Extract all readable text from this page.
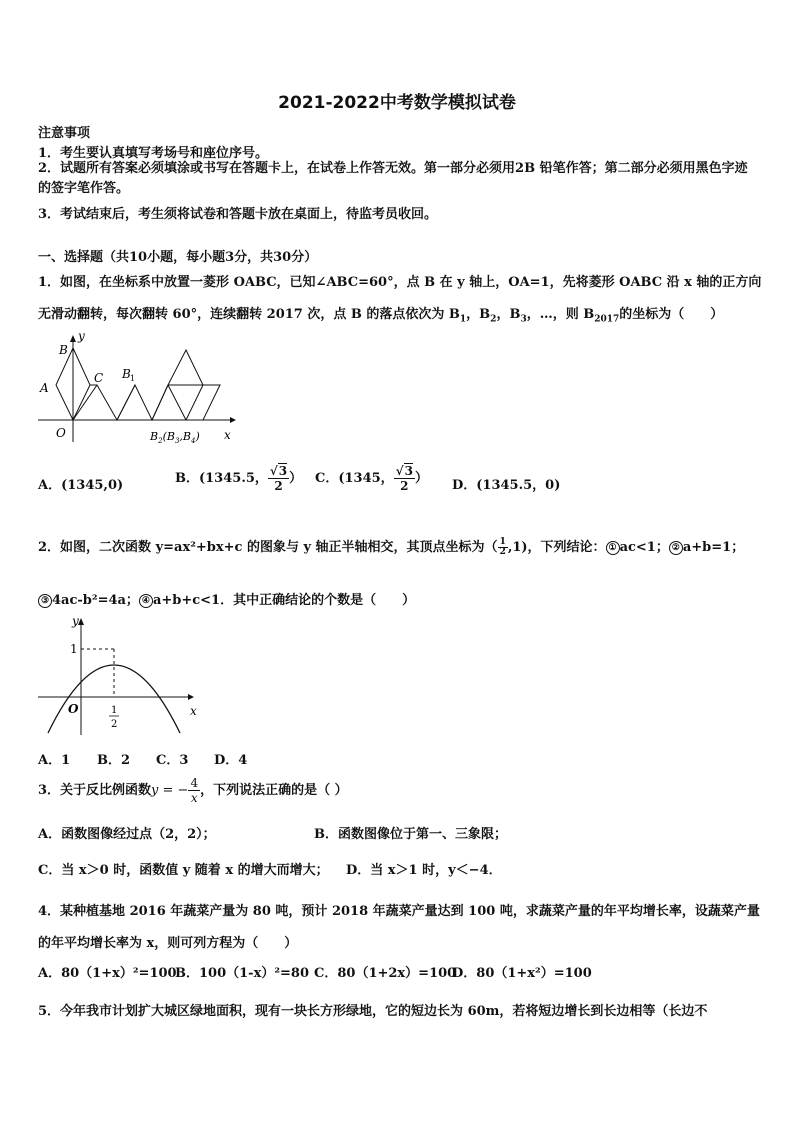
2021-2022中考数学模拟试卷
注意事项
1．考生要认真填写考场号和座位序号。
2．试题所有答案必须填涂或书写在答题卡上，在试卷上作答无效。第一部分必须用2B 铅笔作答；第二部分必须用黑色字迹的签字笔作答。
3．考试结束后，考生须将试卷和答题卡放在桌面上，待监考员收回。
一、选择题（共10小题，每小题3分，共30分）
1．如图，在坐标系中放置一菱形 OABC，已知∠ABC=60°，点 B 在 y 轴上，OA=1，先将菱形 OABC 沿 x 轴的正方向
无滑动翻转，每次翻转 60°，连续翻转 2017 次，点 B 的落点依次为 $B_1$，$B_2$，$B_3$，…，则 $B_{2017}$的坐标为（　　）
B
y
A
C B 1
O	$B_2(B_3,B_4)$ x
A．(1345,0)	B．(1345.5， $\frac{√3}{2}$ ） C．(1345， $\frac{√3}{2}$ ） D．(1345.5，0)
2．如图，二次函数 y=ax²+bx+c 的图象与 y 轴正半轴相交，其顶点坐标为（ $\frac{1}{2} ,1$)，下列结论： ① ac<1； ② a+b=1；
③ 4ac-b²=4a； ④ a+b+c<1．其中正确结论的个数是（　　）
y
1
O	x
1
2
A．1 B．2 C．3 D．4
3．关于反比例函数y = − $\frac{4}{x}$ ，下列说法正确的是（ ）
A．函数图像经过点（2，2）；	B．函数图像位于第一、三象限；
C．当 x＞0 时，函数值 y 随着 x 的增大而增大； D．当 x＞1 时，y＜−4．
4．某种植基地 2016 年蔬菜产量为 80 吨，预计 2018 年蔬菜产量达到 100 吨，求蔬菜产量的年平均增长率，设蔬菜产量的年平均增长率为 x，则可列方程为（　　）
A．80（1+x）²=100
B．100（1-x）²=80 C．80（1+2x）=100
D．80（1+x²）=100
5．今年我市计划扩大城区绿地面积，现有一块长方形绿地，它的短边长为 60m，若将短边增长到长边相等（长边不
